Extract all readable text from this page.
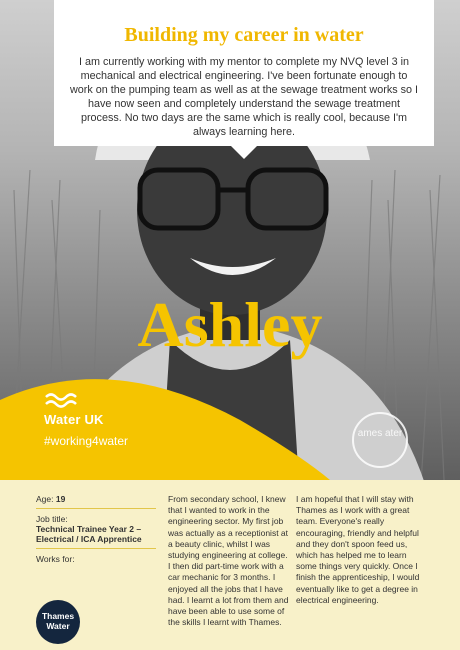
Building my career in water

I am currently working with my mentor to complete my NVQ level 3 in mechanical and electrical engineering. I've been fortunate enough to work on the pumping team as well as at the sewage treatment works so I have now seen and completely understand the sewage treatment process. No two days are the same which is really cool, because I'm always learning here.

Ashley
Water UK
#working4water
ames ater
Age: 19
Job title:
Technical Trainee Year 2 – Electrical / ICA Apprentice
Works for:
Thames Water

From secondary school, I knew that I wanted to work in the engineering sector. My first job was actually as a receptionist at a beauty clinic, whilst I was studying engineering at college. I then did part-time work with a car mechanic for 3 months. I enjoyed all the jobs that I have had. I learnt a lot from them and have been able to use some of the skills I learnt with Thames.

I am hopeful that I will stay with Thames as I work with a great team. Everyone's really encouraging, friendly and helpful and they don't spoon feed us, which has helped me to learn some things very quickly. Once I finish the apprenticeship, I would eventually like to get a degree in electrical engineering.
